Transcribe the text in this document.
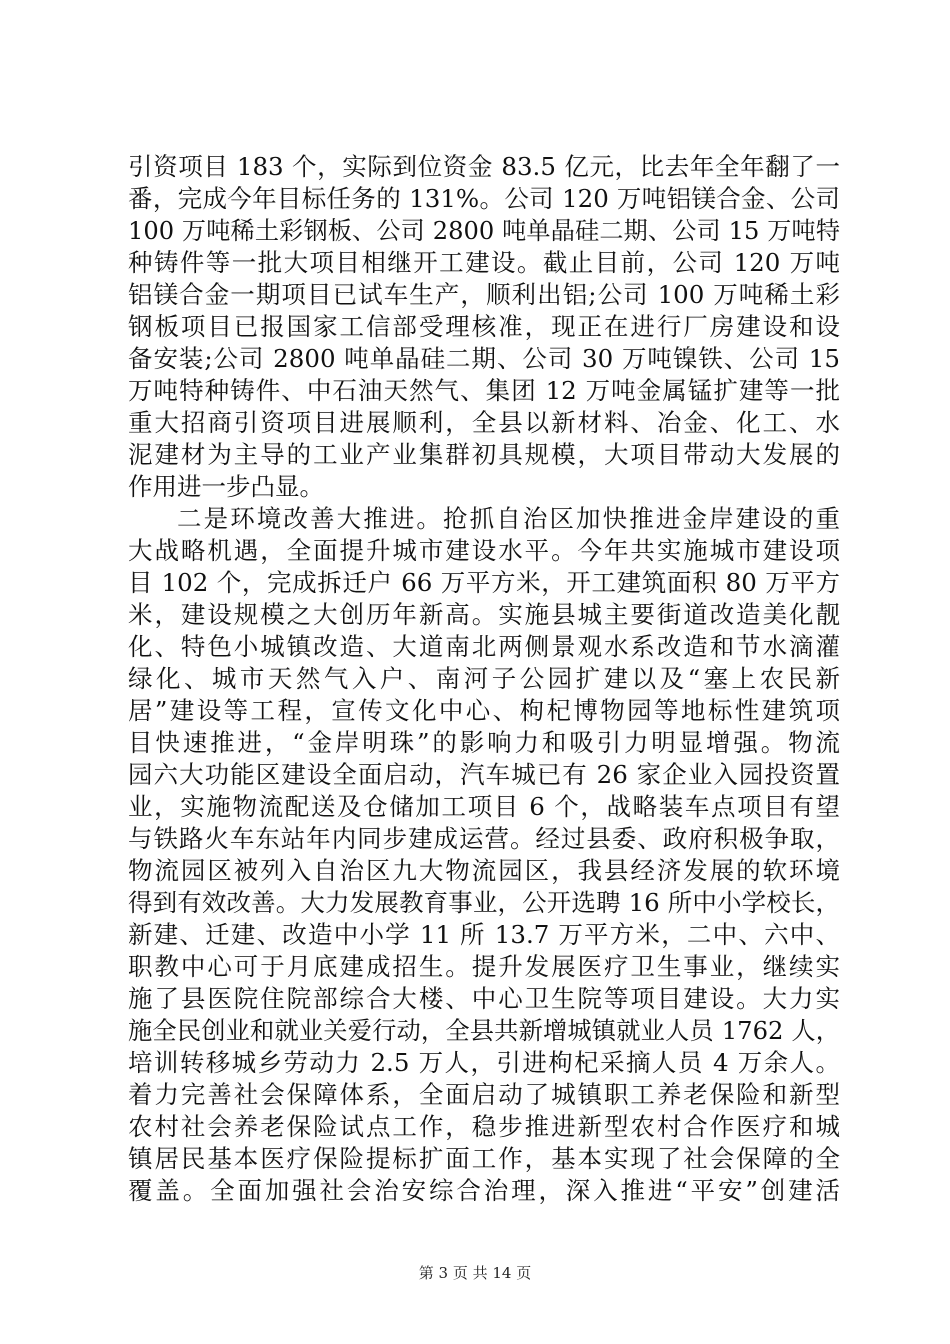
引资项目 183 个，实际到位资金 83.5 亿元，比去年全年翻了一
番，完成今年目标任务的 131%。公司 120 万吨铝镁合金、公司
100 万吨稀土彩钢板、公司 2800 吨单晶硅二期、公司 15 万吨特
种铸件等一批大项目相继开工建设。截止目前，公司 120 万吨
铝镁合金一期项目已试车生产，顺利出铝;公司 100 万吨稀土彩
钢板项目已报国家工信部受理核准，现正在进行厂房建设和设
备安装;公司 2800 吨单晶硅二期、公司 30 万吨镍铁、公司 15
万吨特种铸件、中石油天然气、集团 12 万吨金属锰扩建等一批
重大招商引资项目进展顺利，全县以新材料、冶金、化工、水
泥建材为主导的工业产业集群初具规模，大项目带动大发展的
作用进一步凸显。
二是环境改善大推进。抢抓自治区加快推进金岸建设的重
大战略机遇，全面提升城市建设水平。今年共实施城市建设项
目 102 个，完成拆迁户 66 万平方米，开工建筑面积 80 万平方
米，建设规模之大创历年新高。实施县城主要街道改造美化靓
化、特色小城镇改造、大道南北两侧景观水系改造和节水滴灌
绿化、城市天然气入户、南河子公园扩建以及“塞上农民新
居”建设等工程，宣传文化中心、枸杞博物园等地标性建筑项
目快速推进，“金岸明珠”的影响力和吸引力明显增强。物流
园六大功能区建设全面启动，汽车城已有 26 家企业入园投资置
业，实施物流配送及仓储加工项目 6 个，战略装车点项目有望
与铁路火车东站年内同步建成运营。经过县委、政府积极争取，
物流园区被列入自治区九大物流园区，我县经济发展的软环境
得到有效改善。大力发展教育事业，公开选聘 16 所中小学校长，
新建、迁建、改造中小学 11 所 13.7 万平方米，二中、六中、
职教中心可于月底建成招生。提升发展医疗卫生事业，继续实
施了县医院住院部综合大楼、中心卫生院等项目建设。大力实
施全民创业和就业关爱行动，全县共新增城镇就业人员 1762 人，
培训转移城乡劳动力 2.5 万人，引进枸杞采摘人员 4 万余人。
着力完善社会保障体系，全面启动了城镇职工养老保险和新型
农村社会养老保险试点工作，稳步推进新型农村合作医疗和城
镇居民基本医疗保险提标扩面工作，基本实现了社会保障的全
覆盖。全面加强社会治安综合治理，深入推进“平安”创建活
第 3 页 共 14 页
